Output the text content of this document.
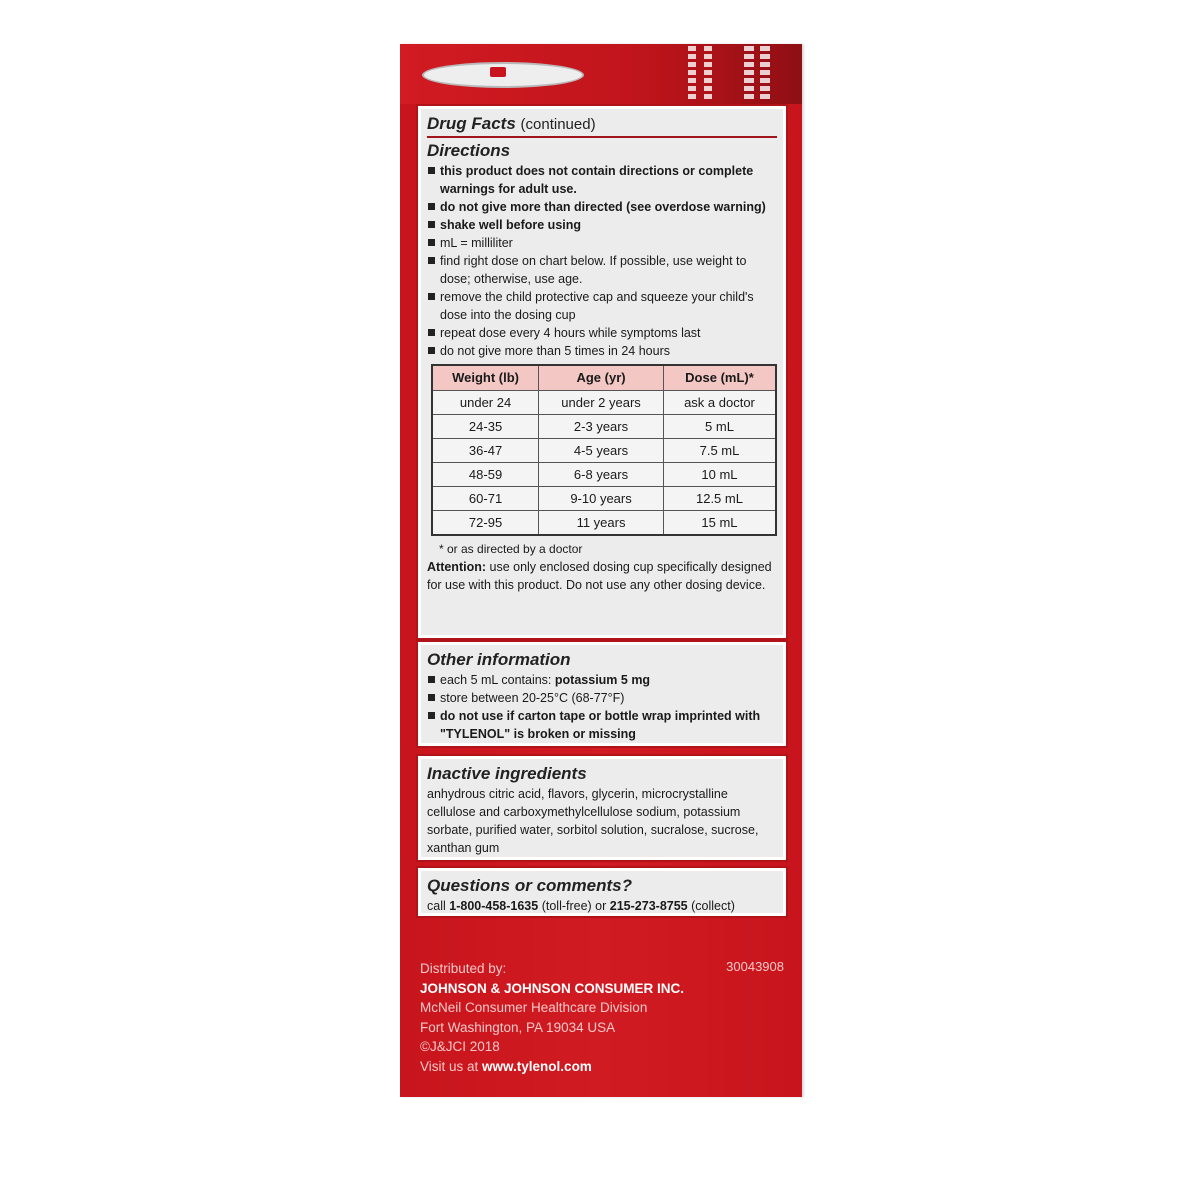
Drug Facts (continued)
Directions
this product does not contain directions or complete warnings for adult use.
do not give more than directed (see overdose warning)
shake well before using
mL = milliliter
find right dose on chart below. If possible, use weight to dose; otherwise, use age.
remove the child protective cap and squeeze your child's dose into the dosing cup
repeat dose every 4 hours while symptoms last
do not give more than 5 times in 24 hours
Weight (lb)	Age (yr)	Dose (mL)*
under 24	under 2 years	ask a doctor
24-35	2-3 years	5 mL
36-47	4-5 years	7.5 mL
48-59	6-8 years	10 mL
60-71	9-10 years	12.5 mL
72-95	11 years	15 mL
* or as directed by a doctor
Attention: use only enclosed dosing cup specifically designed for use with this product. Do not use any other dosing device.
Other information
each 5 mL contains: potassium 5 mg
store between 20-25°C (68-77°F)
do not use if carton tape or bottle wrap imprinted with "TYLENOL" is broken or missing
Inactive ingredients
anhydrous citric acid, flavors, glycerin, microcrystalline cellulose and carboxymethylcellulose sodium, potassium sorbate, purified water, sorbitol solution, sucralose, sucrose, xanthan gum
Questions or comments?
call 1-800-458-1635 (toll-free) or 215-273-8755 (collect)
30043908
Distributed by:
JOHNSON & JOHNSON CONSUMER INC.
McNeil Consumer Healthcare Division
Fort Washington, PA 19034 USA
©J&JCI 2018
Visit us at www.tylenol.com
